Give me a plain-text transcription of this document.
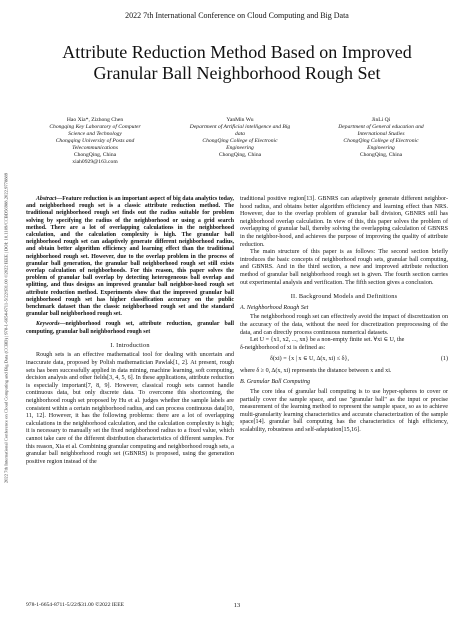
2022 7th International Conference on Cloud Computing and Big Data
2022 7th International Conference on Cloud Computing and Big Data (CCBD) | 978-1-6654-8711-5/22/$31.00 ©2022 IEEE | DOI: 10.1109/CCBD56988.2022.9778889
Attribute Reduction Method Based on Improved
Granular Ball Neighborhood Rough Set
Hao Xia*, Zizhong Chen
Chongqing Key Laboratory of Computer
Science and Technology
Chongqing University of Posts and
Telecommunications
ChongQing, China
xiah0929@163.com
YanMin Wu
Department of Artificial intelligence and Big
data
ChongQing College of Electronic
Engineering
ChongQing, China
JinLi Qi
Department of General education and
International Studies
ChongQing College of Electronic
Engineering
ChongQing, China

Abstract—Feature reduction is an important aspect of big data analytics today, and neighborhood rough set is a classic attribute reduction method. The traditional neighborhood rough set finds out the radius suitable for problem solving by specifying the radius of the neighborhood or using a grid search method. There are a lot of overlapping calculations in the neighborhood calculation, and the calculation complexity is high. The granular ball neighborhood rough set can adaptively generate different neighborhood radius, and obtain better algorithm efficiency and learning effect than the traditional neighborhood rough set. However, due to the overlap problem in the process of granular ball generation, the granular ball neighborhood rough set still exists overlap calculation of neighborhoods. For this reason, this paper solves the problem of granular ball overlap by detecting heterogeneous ball overlap and splitting, and thus designs an improved granular ball neighbor-hood rough set attribute reduction method. Experiments show that the improved granular ball neighborhood rough set has higher classification accuracy on the public benchmark dataset than the classic neighborhood rough set and the standard granular ball neighborhood rough set.

Keywords—neighborhood rough set, attribute reduction, granular ball computing, granular ball neighborhood rough set

I. Introduction

Rough sets is an effective mathematical tool for dealing with uncertain and inaccurate data, proposed by Polish mathematician Pawlak[1, 2]. At present, rough sets has been successfully applied in data mining, machine learning, soft computing, decision analysis and other fields[3, 4, 5, 6]. In these applications, attribute reduction is especially important[7, 8, 9]. However, classical rough sets cannot handle continuous data, but only discrete data. To overcome this shortcoming, the neighborhood rough set proposed by Hu et al. judges whether the sample labels are consistent within a certain neighborhood radius, and can process continuous data[10, 11, 12]. However, it has the following problems: there are a lot of overlapping calculations in the neighborhood calculation, and the calculation complexity is high; it is necessary to manually set the fixed neighborhood radius to a fixed value, which cannot take care of the different distribution characteristics of different samples. For this reason, Xia et al. Combining granular computing and neighborhood rough sets, a granular ball neighborhood rough set (GBNRS) is proposed, using the generation positive region instead of the

traditional positive region[13]. GBNRS can adaptively generate different neighbor-hood radius, and obtains better algorithm efficiency and learning effect than NRS. However, due to the overlap problem of granular ball division, GBNRS still has neighborhood overlap calculation. In view of this, this paper solves the problem of overlapping of granular ball, thereby solving the overlapping calculation of GBNRS in the neighbor-hood, and achieves the purpose of improving the quality of attribute reduction.

The main structure of this paper is as follows: The second section briefly introduces the basic concepts of neighborhood rough sets, granular ball computing, and GBNRS. And in the third section, a new and improved attribute reduction method of granular ball neighborhood rough set is given. The fourth section carries out experimental analysis and verification. The fifth section gives a conclusion.

II. Background Models and Definitions

A. Neighborhood Rough Set

The neighborhood rough set can effectively avoid the impact of discretization on the accuracy of the data, without the need for discretization preprocessing of the data, and can directly process continuous numerical datasets.

Let U = {x1, x2, ..., xn} be a non-empty finite set. ∀xi ∈ U, the

δ-neighborhood of xi is defined as:

δ(xi) = {x | x ∈ U, Δ(x, xi) ≤ δ},	(1)

where δ ≥ 0, Δ(x, xi) represents the distance between x and xi.

B. Granular Ball Computing

The core idea of granular ball computing is to use hyper-spheres to cover or partially cover the sample space, and use "granular ball" as the input or precise measurement of the learning method to represent the sample space, so as to achieve multi-granularity learning characteristics and accurate characterization of the sample space[14]. granular ball computing has the characteristics of high efficiency, scalability, robustness and self-adaptation[15,16].

978-1-6654-8711-5/22/$31.00 ©2022 IEEE	13
